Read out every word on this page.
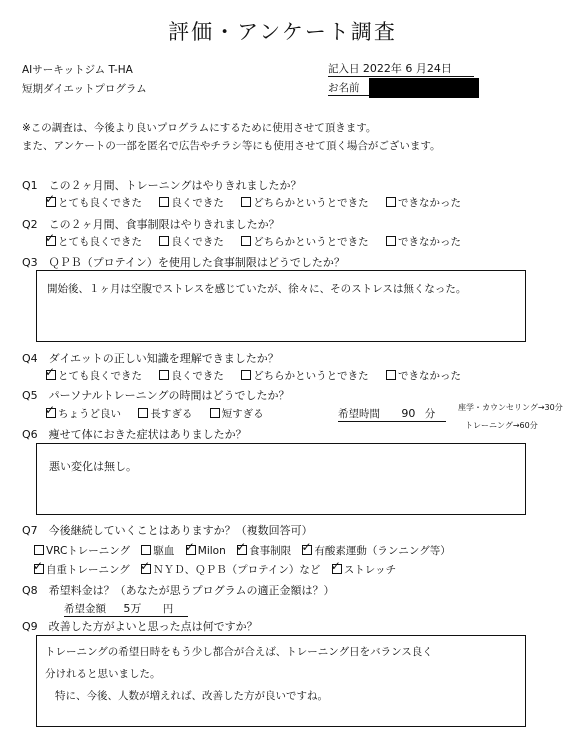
評価・アンケート調査
AIサーキットジム T-HA
短期ダイエットプログラム
記入日 2022年 6 月24日
お名前
※この調査は、今後より良いプログラムにするために使用させて頂きます。
また、アンケートの一部を匿名で広告やチラシ等にも使用させて頂く場合がございます。
Q1　 この２ヶ月間、トレーニングはやりきれましたか？
✓とても良くできた	良くできた	どちらかというとできた	できなかった
Q2　 この２ヶ月間、食事制限はやりきれましたか？
✓とても良くできた	良くできた	どちらかというとできた	できなかった
Q3　 ＱＰＢ（プロテイン）を使用した食事制限はどうでしたか？
開始後、１ヶ月は空腹でストレスを感じていたが、徐々に、そのストレスは無くなった。
Q4　 ダイエットの正しい知識を理解できましたか？
✓とても良くできた	良くできた	どちらかというとできた	できなかった
Q5　 パーソナルトレーニングの時間はどうでしたか？
✓ちょうど良い	長すぎる	短すぎる	希望時間 90 分
座学・カウンセリング→30分
トレーニング→60分
Q6　 痩せて体におきた症状はありましたか？
悪い変化は無し。
Q7　 今後継続していくことはありますか？（複数回答可）
VRCトレーニング 駆血 ✓ Milon ✓ 食事制限 ✓ 有酸素運動（ランニング等）
✓自重トレーニング ✓ ＮＹＤ、ＱＰＢ（プロテイン）など ✓ ストレッチ
Q8　 希望料金は？（あなたが思うプログラムの適正金額は？）
希望金額 5万 円
Q9　 改善した方がよいと思った点は何ですか？
トレーニングの希望日時をもう少し都合が合えば、トレーニング日をバランス良く
分けれると思いました。
特に、今後、人数が増えれば、改善した方が良いですね。
